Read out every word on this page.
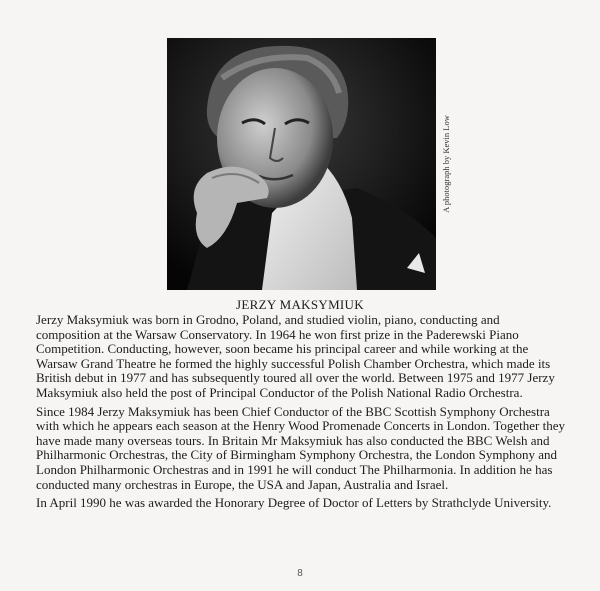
A photograph by Kevin Low
JERZY MAKSYMIUK

Jerzy Maksymiuk was born in Grodno, Poland, and studied violin, piano, conducting and composition at the Warsaw Conservatory. In 1964 he won first prize in the Paderewski Piano Competition. Conducting, however, soon became his principal career and while working at the Warsaw Grand Theatre he formed the highly successful Polish Chamber Orchestra, which made its British debut in 1977 and has subsequently toured all over the world. Between 1975 and 1977 Jerzy Maksymiuk also held the post of Principal Conductor of the Polish National Radio Orchestra.

Since 1984 Jerzy Maksymiuk has been Chief Conductor of the BBC Scottish Symphony Orchestra with which he appears each season at the Henry Wood Promenade Concerts in London. Together they have made many overseas tours. In Britain Mr Maksymiuk has also conducted the BBC Welsh and Philharmonic Orchestras, the City of Birmingham Symphony Orchestra, the London Symphony and London Philharmonic Orchestras and in 1991 he will conduct The Philharmonia. In addition he has conducted many orchestras in Europe, the USA and Japan, Australia and Israel.

In April 1990 he was awarded the Honorary Degree of Doctor of Letters by Strathclyde University.

8
